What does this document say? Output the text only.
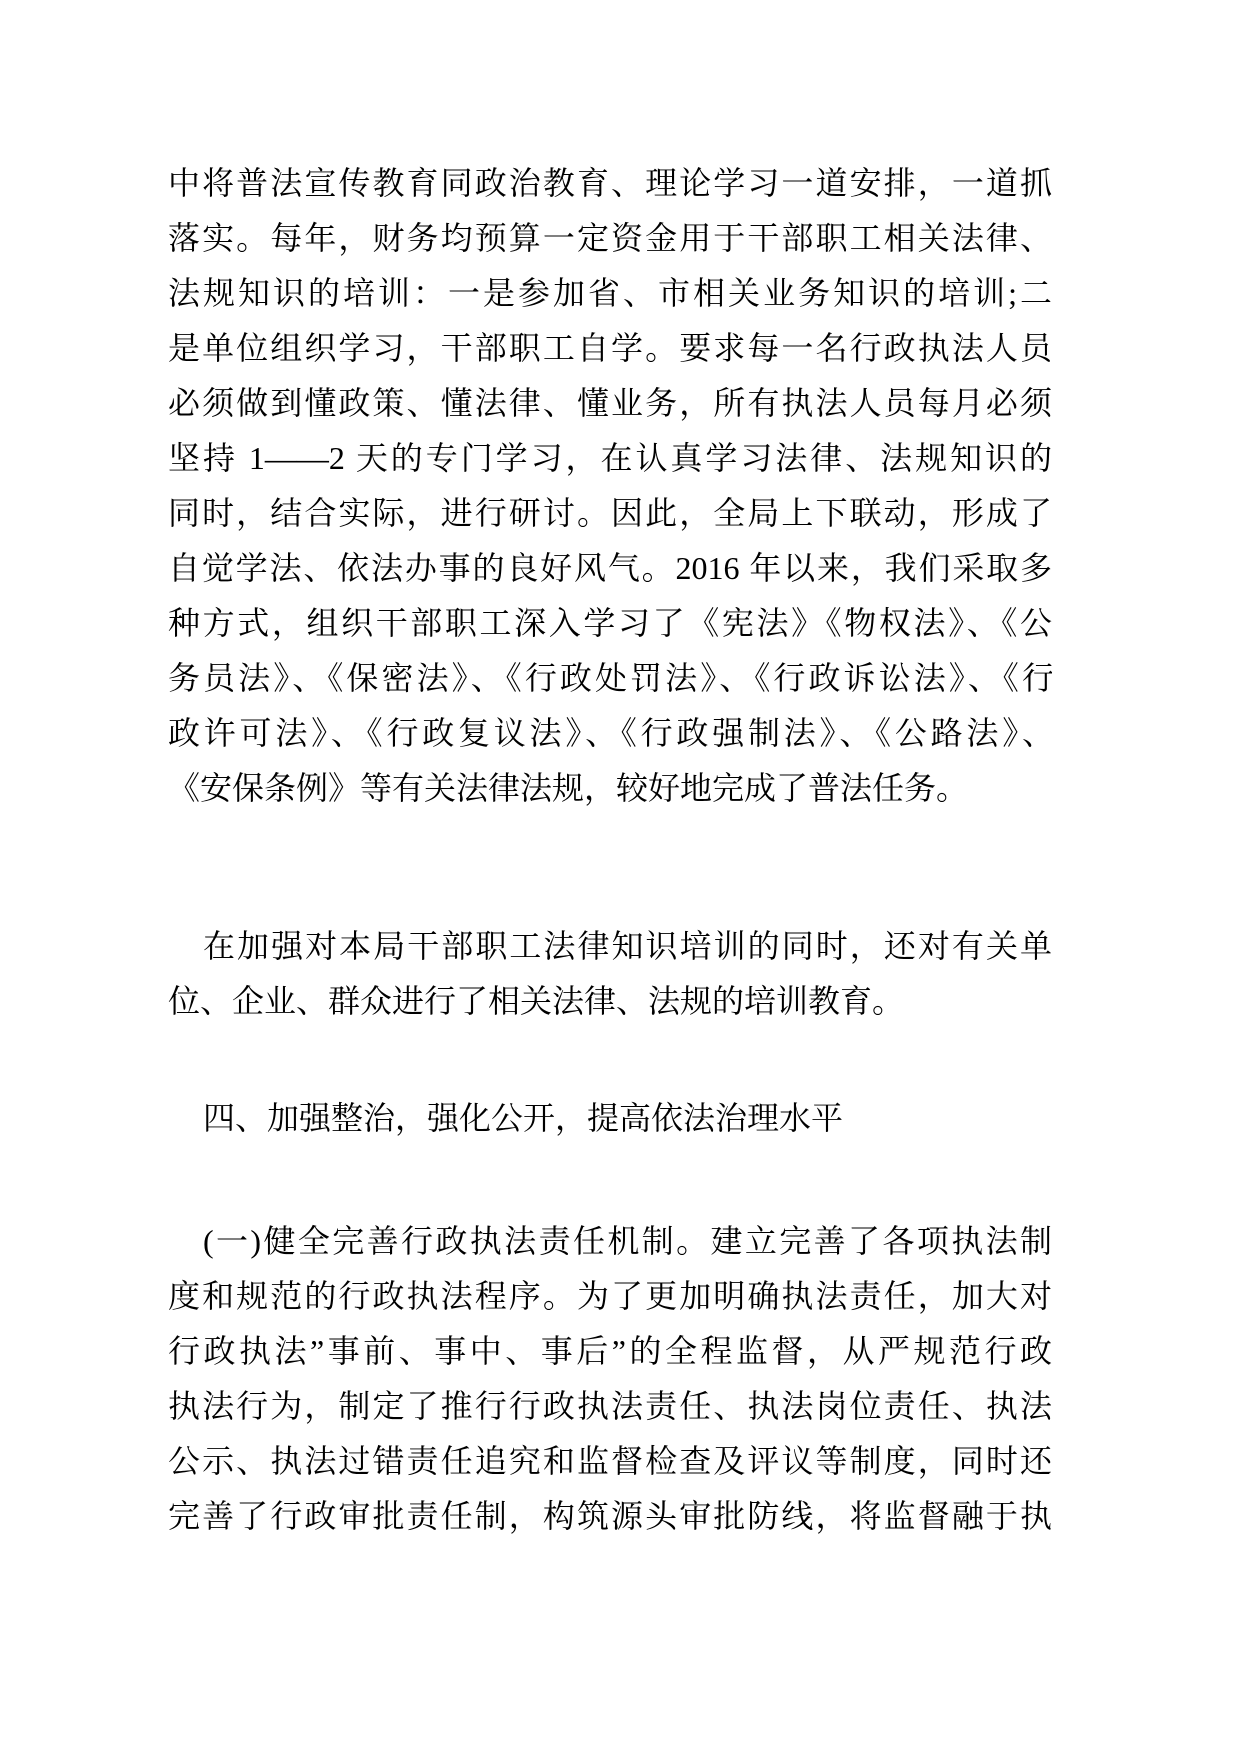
中将普法宣传教育同政治教育、理论学习一道安排，一道抓
落实。每年，财务均预算一定资金用于干部职工相关法律、
法规知识的培训：一是参加省、市相关业务知识的培训;二
是单位组织学习，干部职工自学。要求每一名行政执法人员
必须做到懂政策、懂法律、懂业务，所有执法人员每月必须
坚持 1——2 天的专门学习，在认真学习法律、法规知识的
同时，结合实际，进行研讨。因此，全局上下联动，形成了
自觉学法、依法办事的良好风气。2016 年以来，我们采取多
种方式，组织干部职工深入学习了《宪法》《物权法》、《公
务员法》、《保密法》、《行政处罚法》、《行政诉讼法》、《行
政许可法》、《行政复议法》、《行政强制法》、《公路法》、
《安保条例》等有关法律法规，较好地完成了普法任务。
在加强对本局干部职工法律知识培训的同时，还对有关单
位、企业、群众进行了相关法律、法规的培训教育。
四、加强整治，强化公开，提高依法治理水平
(一)健全完善行政执法责任机制。建立完善了各项执法制
度和规范的行政执法程序。为了更加明确执法责任，加大对
行政执法”事前、事中、事后”的全程监督，从严规范行政
执法行为，制定了推行行政执法责任、执法岗位责任、执法
公示、执法过错责任追究和监督检查及评议等制度，同时还
完善了行政审批责任制，构筑源头审批防线，将监督融于执
